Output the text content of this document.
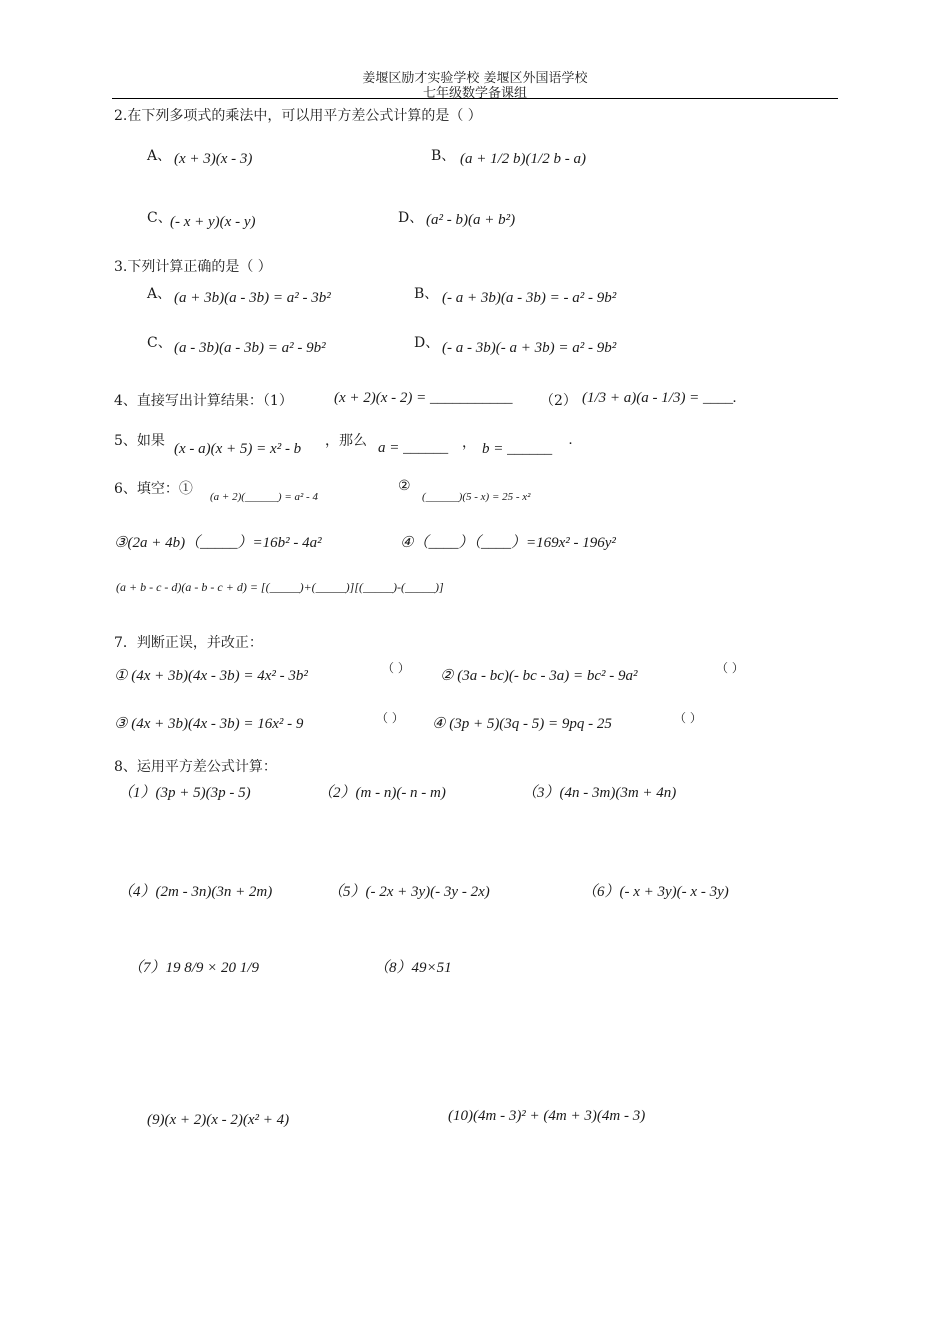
姜堰区励才实验学校 姜堰区外国语学校
七年级数学备课组
2.在下列多项式的乘法中，可以用平方差公式计算的是（ ）
A、 (x + 3)(x - 3)	B、 (a + 1/2 b)(1/2 b - a)
C、
(- x + y)(x - y)	D、 (a² - b)(a + b²)
3.下列计算正确的是（ ）
A、 (a + 3b)(a - 3b) = a² - 3b²	B、 (- a + 3b)(a - 3b) = - a² - 9b²
C、 (a - 3b)(a - 3b) = a² - 9b²	D、 (- a - 3b)(- a + 3b) = a² - 9b²
4、直接写出计算结果：（1）	(x + 2)(x - 2) = ___________ （2） (1/3 + a)(a - 1/3) = ____.
5、如果 (x - a)(x + 5) = x² - b ，那么 a = ______ ， b = ______
.
6、填空：① (a + 2)(______) = a² - 4
②
(______)(5 - x) = 25 - x²
③(2a + 4b)（_____）=16b² - 4a²	④（____）（____）=169x² - 196y²
(a + b - c - d)(a - b - c + d) = [(_____)+(_____)][(_____)-(_____)]
7．判断正误，并改正：
① (4x + 3b)(4x - 3b) = 4x² - 3b²	（ ） ② (3a - bc)(- bc - 3a) = bc² - 9a²	（ ）
③ (4x + 3b)(4x - 3b) = 16x² - 9	（ ） ④ (3p + 5)(3q - 5) = 9pq - 25	（ ）
8、运用平方差公式计算：
（1）(3p + 5)(3p - 5)	（2）(m - n)(- n - m)	（3）(4n - 3m)(3m + 4n)
（4）(2m - 3n)(3n + 2m)	（5）(- 2x + 3y)(- 3y - 2x)	（6）(- x + 3y)(- x - 3y)
（7）19 8/9 × 20 1/9	（8）49×51
(9)(x + 2)(x - 2)(x² + 4)	(10)(4m - 3)² + (4m + 3)(4m - 3)
